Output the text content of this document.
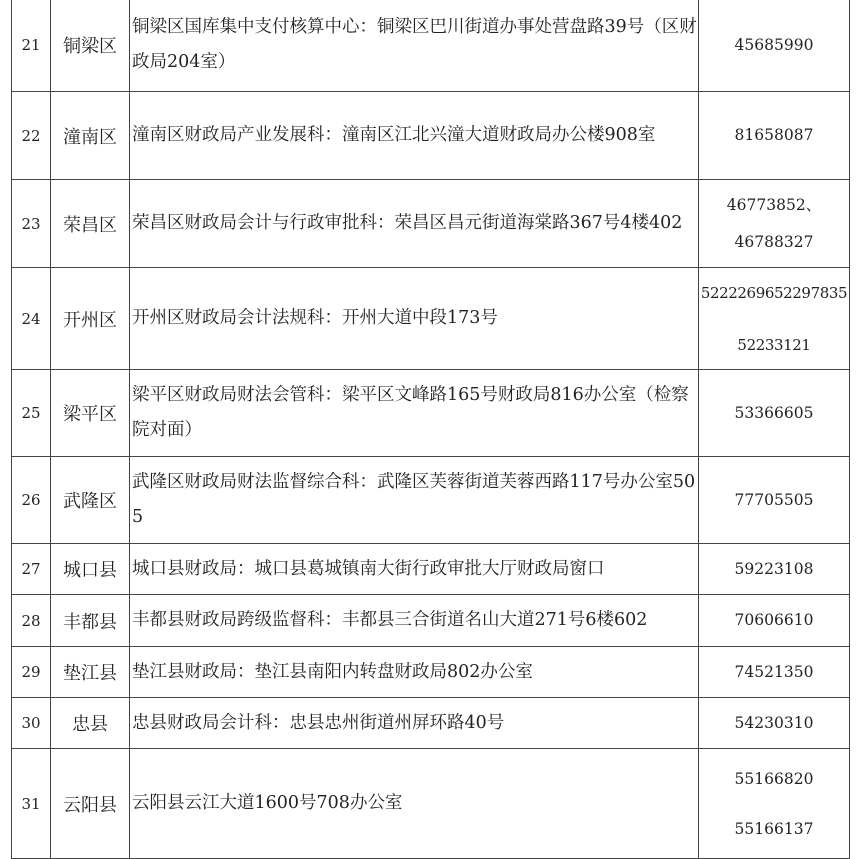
21	铜梁区	铜梁区国库集中支付核算中心：铜梁区巴川街道办事处营盘路39号（区财政局204室）	45685990

22	潼南区	潼南区财政局产业发展科：潼南区江北兴潼大道财政局办公楼908室	81658087

23	荣昌区	荣昌区财政局会计与行政审批科：荣昌区昌元街道海棠路367号4楼402	46773852、
46788327

24	开州区	开州区财政局会计法规科：开州大道中段173号	5222269652297835
52233121

25	梁平区	梁平区财政局财法会管科：梁平区文峰路165号财政局816办公室（检察院对面）	53366605

26	武隆区	武隆区财政局财法监督综合科：武隆区芙蓉街道芙蓉西路117号办公室505	77705505

27	城口县	城口县财政局：城口县葛城镇南大街行政审批大厅财政局窗口	59223108

28	丰都县	丰都县财政局跨级监督科：丰都县三合街道名山大道271号6楼602	70606610

29	垫江县	垫江县财政局：垫江县南阳内转盘财政局802办公室	74521350

30	忠县	忠县财政局会计科：忠县忠州街道州屏环路40号	54230310

31	云阳县	云阳县云江大道1600号708办公室	55166820
55166137
